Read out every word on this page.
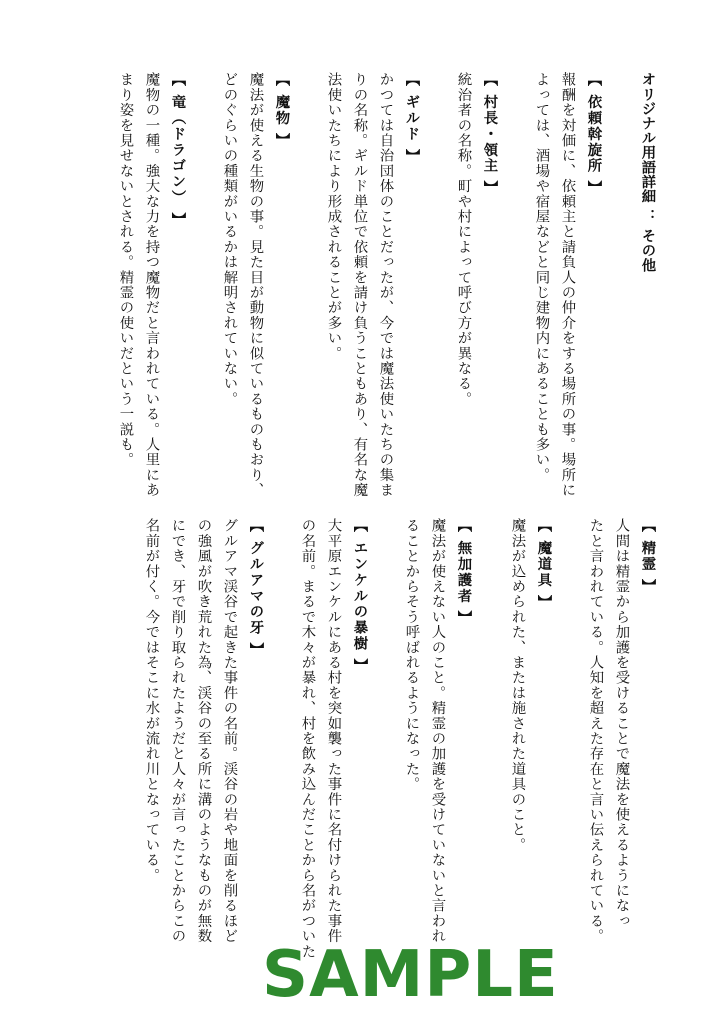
オリジナル用語詳細 ： その他

【 依頼斡旋所 】

報酬を対価に、依頼主と請負人の仲介をする場所の事。場所に

よっては、酒場や宿屋などと同じ建物内にあることも多い。

【 村長・領主 】

統治者の名称。町や村によって呼び方が異なる。

【 ギルド 】

かつては自治団体のことだったが、今では魔法使いたちの集ま

りの名称。ギルド単位で依頼を請け負うこともあり、有名な魔

法使いたちにより形成されることが多い。

【 魔物 】

魔法が使える生物の事。見た目が動物に似ているものもおり、

どのぐらいの種類がいるかは解明されていない。

【 竜（ドラゴン） 】

魔物の一種。強大な力を持つ魔物だと言われている。人里にあ

まり姿を見せないとされる。精霊の使いだという一説も。

【 精霊 】

人間は精霊から加護を受けることで魔法を使えるようになっ

たと言われている。人知を超えた存在と言い伝えられている。

【 魔道具 】

魔法が込められた、または施された道具のこと。

【 無加護者 】

魔法が使えない人のこと。精霊の加護を受けていないと言われ

ることからそう呼ばれるようになった。

【 エンケルの暴樹 】

大平原エンケルにある村を突如襲った事件に名付けられた事件

の名前。まるで木々が暴れ、村を飲み込んだことから名がついた

【 グルアマの牙 】

グルアマ渓谷で起きた事件の名前。渓谷の岩や地面を削るほど

の強風が吹き荒れた為、渓谷の至る所に溝のようなものが無数

にでき、牙で削り取られたようだと人々が言ったことからこの

名前が付く。今ではそこに水が流れ川となっている。

SAMPLE
